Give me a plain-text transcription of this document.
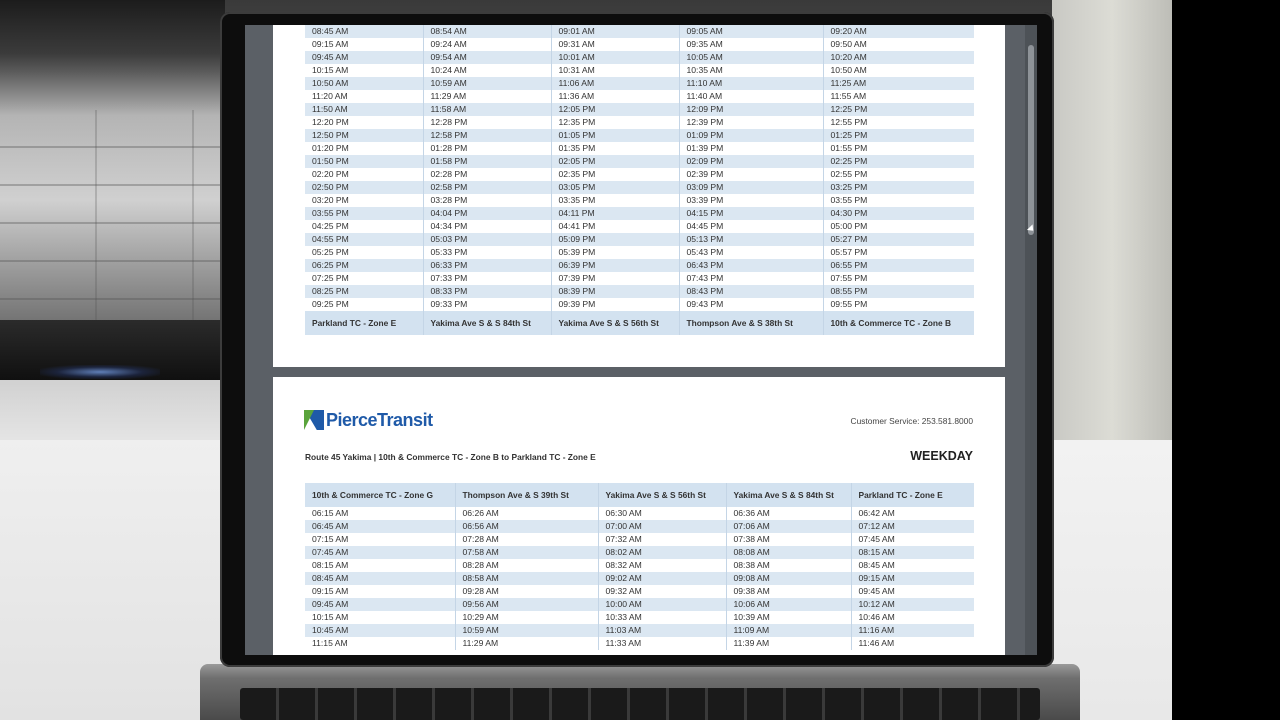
08:45 AM	08:54 AM	09:01 AM	09:05 AM	09:20 AM
09:15 AM	09:24 AM	09:31 AM	09:35 AM	09:50 AM
09:45 AM	09:54 AM	10:01 AM	10:05 AM	10:20 AM
10:15 AM	10:24 AM	10:31 AM	10:35 AM	10:50 AM
10:50 AM	10:59 AM	11:06 AM	11:10 AM	11:25 AM
11:20 AM	11:29 AM	11:36 AM	11:40 AM	11:55 AM
11:50 AM	11:58 AM	12:05 PM	12:09 PM	12:25 PM
12:20 PM	12:28 PM	12:35 PM	12:39 PM	12:55 PM
12:50 PM	12:58 PM	01:05 PM	01:09 PM	01:25 PM
01:20 PM	01:28 PM	01:35 PM	01:39 PM	01:55 PM
01:50 PM	01:58 PM	02:05 PM	02:09 PM	02:25 PM
02:20 PM	02:28 PM	02:35 PM	02:39 PM	02:55 PM
02:50 PM	02:58 PM	03:05 PM	03:09 PM	03:25 PM
03:20 PM	03:28 PM	03:35 PM	03:39 PM	03:55 PM
03:55 PM	04:04 PM	04:11 PM	04:15 PM	04:30 PM
04:25 PM	04:34 PM	04:41 PM	04:45 PM	05:00 PM
04:55 PM	05:03 PM	05:09 PM	05:13 PM	05:27 PM
05:25 PM	05:33 PM	05:39 PM	05:43 PM	05:57 PM
06:25 PM	06:33 PM	06:39 PM	06:43 PM	06:55 PM
07:25 PM	07:33 PM	07:39 PM	07:43 PM	07:55 PM
08:25 PM	08:33 PM	08:39 PM	08:43 PM	08:55 PM
09:25 PM	09:33 PM	09:39 PM	09:43 PM	09:55 PM
Parkland TC - Zone E	Yakima Ave S & S 84th St	Yakima Ave S & S 56th St	Thompson Ave & S 38th St	10th & Commerce TC - Zone B
PierceTransit	Customer Service: 253.581.8000
Route 45 Yakima | 10th & Commerce TC - Zone B to Parkland TC - Zone E	WEEKDAY
10th & Commerce TC - Zone G	Thompson Ave & S 39th St	Yakima Ave S & S 56th St	Yakima Ave S & S 84th St	Parkland TC - Zone E
06:15 AM	06:26 AM	06:30 AM	06:36 AM	06:42 AM
06:45 AM	06:56 AM	07:00 AM	07:06 AM	07:12 AM
07:15 AM	07:28 AM	07:32 AM	07:38 AM	07:45 AM
07:45 AM	07:58 AM	08:02 AM	08:08 AM	08:15 AM
08:15 AM	08:28 AM	08:32 AM	08:38 AM	08:45 AM
08:45 AM	08:58 AM	09:02 AM	09:08 AM	09:15 AM
09:15 AM	09:28 AM	09:32 AM	09:38 AM	09:45 AM
09:45 AM	09:56 AM	10:00 AM	10:06 AM	10:12 AM
10:15 AM	10:29 AM	10:33 AM	10:39 AM	10:46 AM
10:45 AM	10:59 AM	11:03 AM	11:09 AM	11:16 AM
11:15 AM	11:29 AM	11:33 AM	11:39 AM	11:46 AM
